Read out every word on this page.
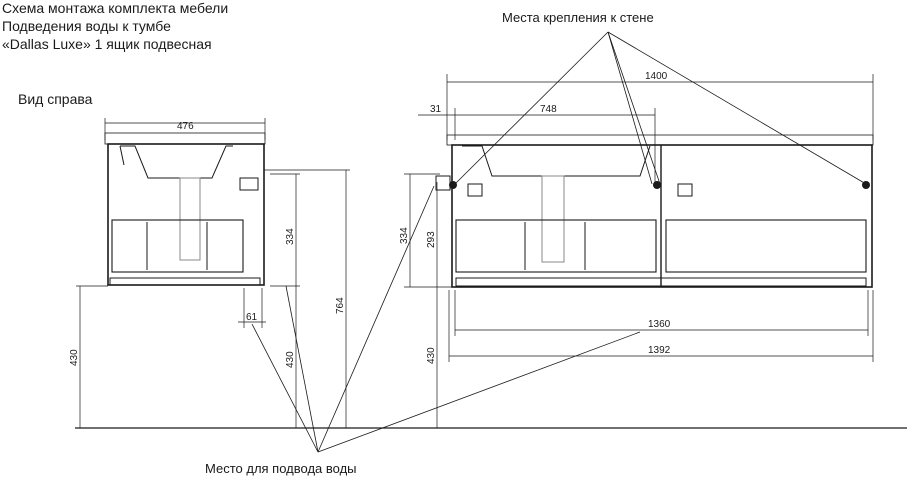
Схема монтажа комплекта мебели
Подведения воды к тумбе
«Dallas Luxe» 1 ящик подвесная
Вид справа
Места крепления к стене
Место для подвода воды
476
61
334
430
764
430
1400
31	748
334 293
430
1360
1392
